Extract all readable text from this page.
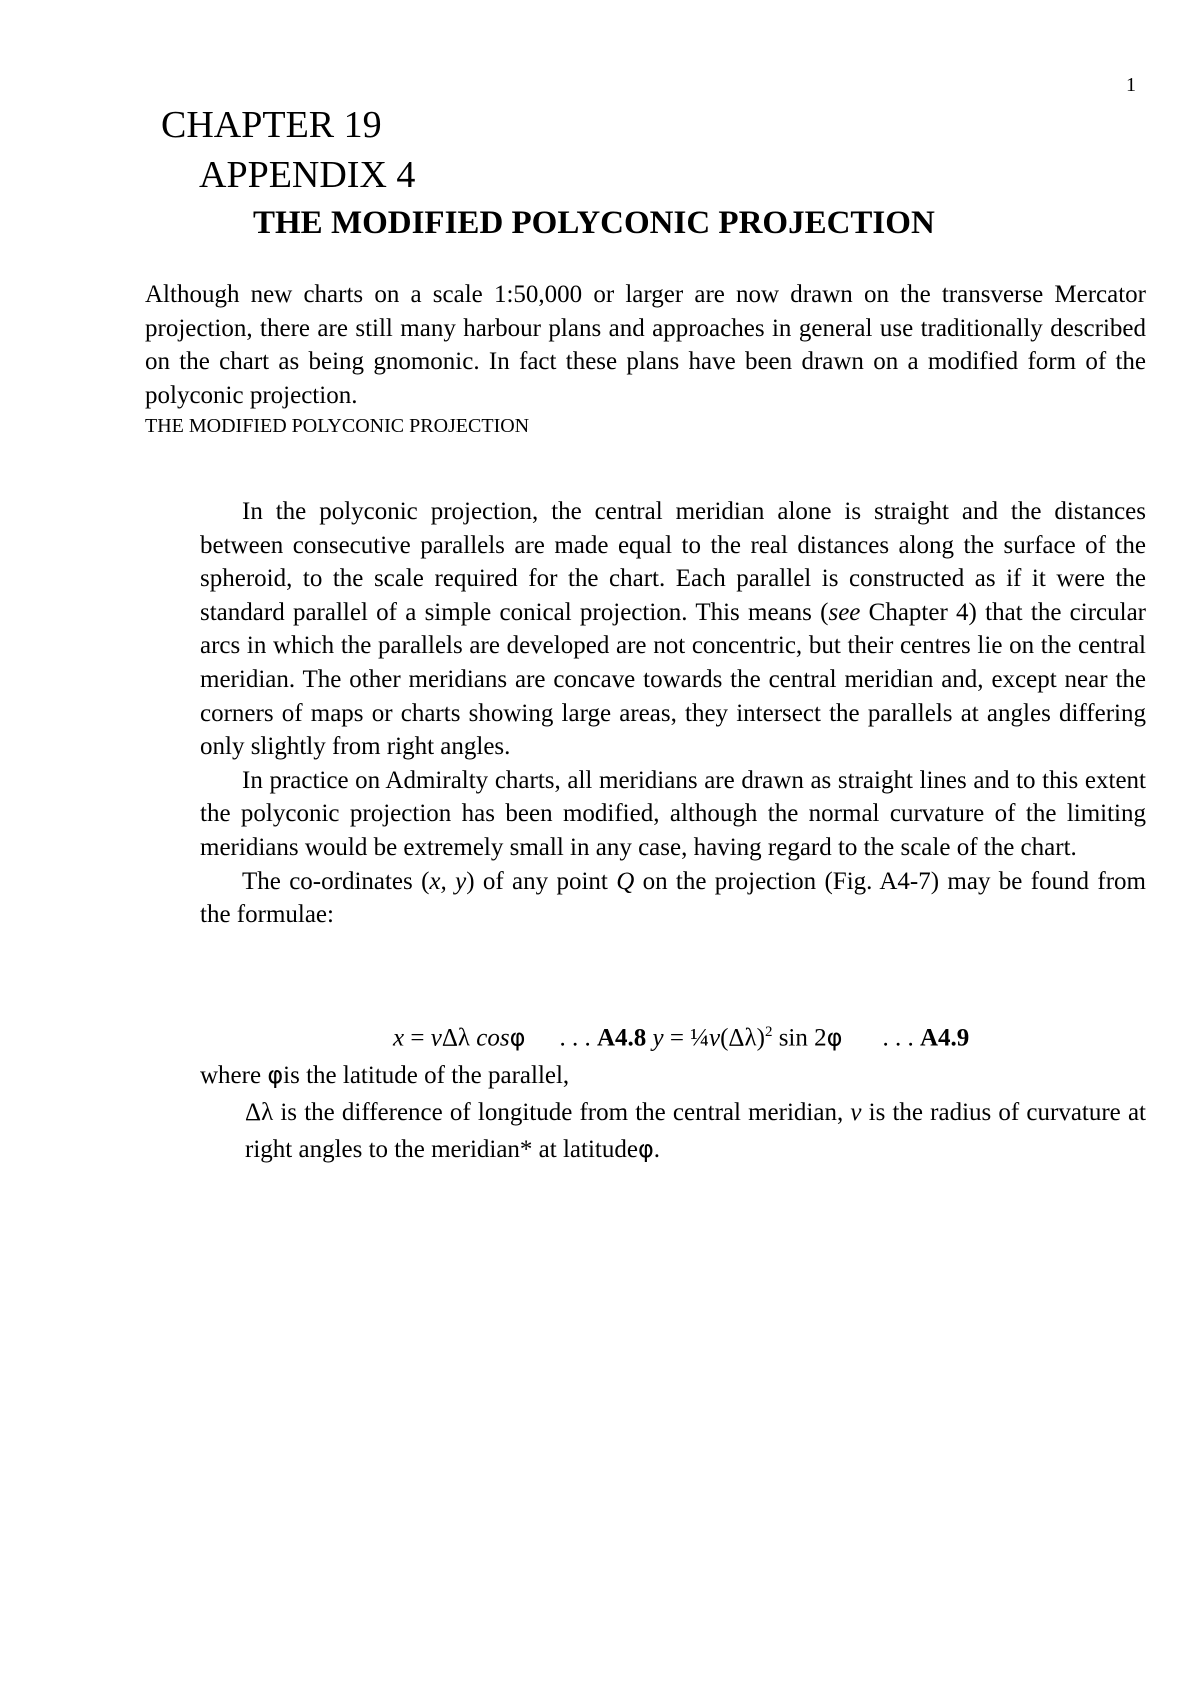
1
CHAPTER 19
APPENDIX 4
THE MODIFIED POLYCONIC PROJECTION

Although new charts on a scale 1:50,000 or larger are now drawn on the transverse Mercator projection, there are still many harbour plans and approaches in general use traditionally described on the chart as being gnomonic. In fact these plans have been drawn on a modified form of the polyconic projection.

THE MODIFIED POLYCONIC PROJECTION

In the polyconic projection, the central meridian alone is straight and the distances between consecutive parallels are made equal to the real distances along the surface of the spheroid, to the scale required for the chart. Each parallel is constructed as if it were the standard parallel of a simple conical projection. This means (see Chapter 4) that the circular arcs in which the parallels are developed are not concentric, but their centres lie on the central meridian. The other meridians are concave towards the central meridian and, except near the corners of maps or charts showing large areas, they intersect the parallels at angles differing only slightly from right angles.

In practice on Admiralty charts, all meridians are drawn as straight lines and to this extent the polyconic projection has been modified, although the normal curvature of the limiting meridians would be extremely small in any case, having regard to the scale of the chart.

The co-ordinates (x, y) of any point Q on the projection (Fig. A4-7) may be found from the formulae:

x = vΔλ cosφ . . . A4.8 $y = \frac{1}{4}v(\Delta\lambda)^2$ sin 2φ . . . A4.9
where φis the latitude of the parallel,

Δλ is the difference of longitude from the central meridian, v is the radius of curvature at right angles to the meridian* at latitudeφ.
